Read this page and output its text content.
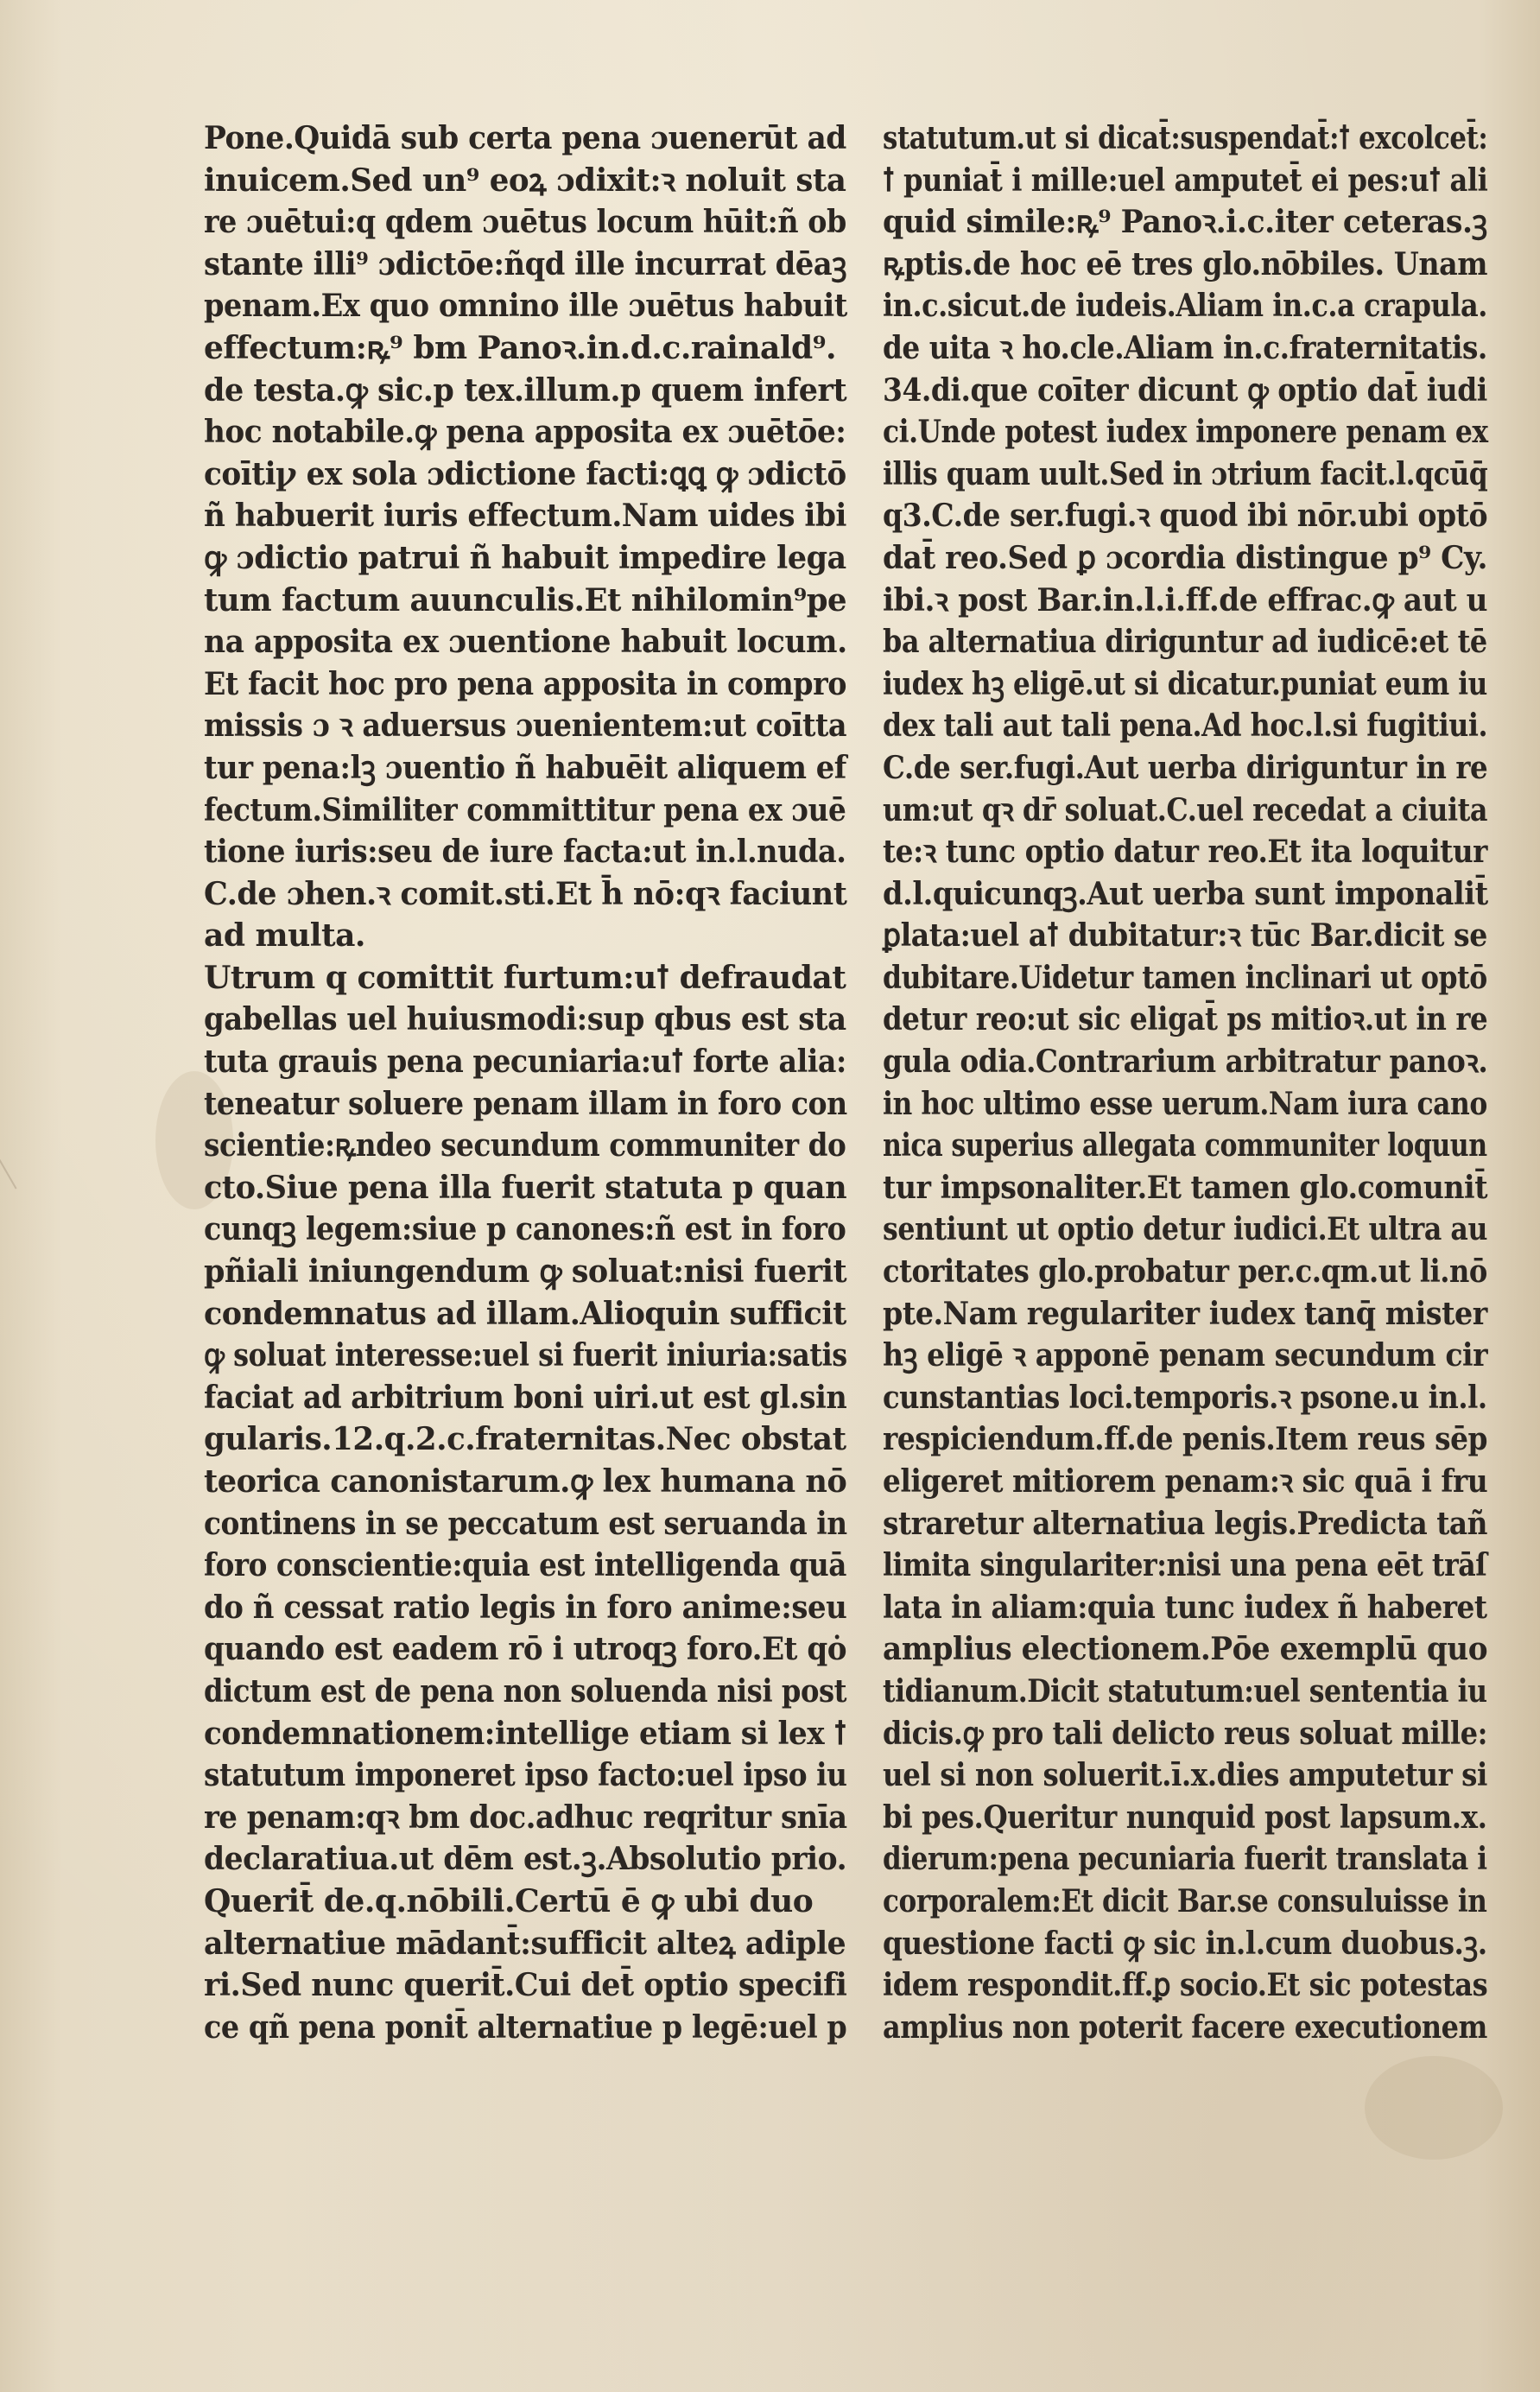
Pone.Quidā sub certa pena ɔuenerūt ad
inuicem.Sed un⁹ eoꝝ ɔdixit:ꝛ noluit sta
re ɔuētui:q qdem ɔuētus locum hūit:ñ ob
stante illi⁹ ɔdictōe:ñqd ille incurrat dēaꝫ
penam.Ex quo omnino ille ɔuētus habuit
effectum:ꝶ⁹ bm Panoꝛ.in.d.c.rainald⁹.
de testa.ꝙ sic.p tex.illum.p quem infert
hoc notabile.ꝙ pena apposita ex ɔuētōe:
coītiꝩ ex sola ɔdictione facti:ꝗꝗ ꝙ ɔdictō
ñ habuerit iuris effectum.Nam uides ibi
ꝙ ɔdictio patrui ñ habuit impedire lega
tum factum auunculis.Et nihilomin⁹pe
na apposita ex ɔuentione habuit locum.
Et facit hoc pro pena apposita in compro
missis ɔ ꝛ aduersus ɔuenientem:ut coītta
tur pena:lꝫ ɔuentio ñ habuēit aliquem ef
fectum.Similiter committitur pena ex ɔuē
tione iuris:seu de iure facta:ut in.l.nuda.
C.de ɔhen.ꝛ comit.sti.Et h̄ nō:qꝛ faciunt
ad multa.
Utrum q comittit furtum:uꝉ defraudat
gabellas uel huiusmodi:sup qbus est sta
tuta grauis pena pecuniaria:uꝉ forte alia:
teneatur soluere penam illam in foro con
scientie:ꝶndeo secundum communiter do
cto.Siue pena illa fuerit statuta p quan
cunqꝫ legem:siue p canones:ñ est in foro
pñiali iniungendum ꝙ soluat:nisi fuerit
condemnatus ad illam.Alioquin sufficit
ꝙ soluat interesse:uel si fuerit iniuria:satis
faciat ad arbitrium boni uiri.ut est gl.sin
gularis.12.q.2.c.fraternitas.Nec obstat
teorica canonistarum.ꝙ lex humana nō
continens in se peccatum est seruanda in
foro conscientie:quia est intelligenda quā
do ñ cessat ratio legis in foro anime:seu
quando est eadem rō i utroqꝫ foro.Et qȯ
dictum est de pena non soluenda nisi post
condemnationem:intellige etiam si lex ꝉ
statutum imponeret ipso facto:uel ipso iu
re penam:qꝛ bm doc.adhuc reqritur snīa
declaratiua.ut dēm est.ꝫ.Absolutio prio.
Querit̄ de.q.nōbili.Certū ē ꝙ ubi duo
alternatiue mādant̄:sufficit alteꝝ adiple
ri.Sed nunc querit̄.Cui det̄ optio specifi
ce qñ pena ponit̄ alternatiue p legē:uel p
statutum.ut si dicat̄:suspendat̄:ꝉ excolcet̄:
ꝉ puniat̄ i mille:uel amputet̄ ei pes:uꝉ ali
quid simile:ꝶ⁹ Panoꝛ.i.c.iter ceteras.ꝫ
ꝶptis.de hoc eē tres glo.nōbiles. Unam
in.c.sicut.de iudeis.Aliam in.c.a crapula.
de uita ꝛ ho.cle.Aliam in.c.fraternitatis.
34.di.que coīter dicunt ꝙ optio dat̄ iudi
ci.Unde potest iudex imponere penam ex
illis quam uult.Sed in ɔtrium facit.l.qcūq̄
q3.C.de ser.fugi.ꝛ quod ibi nōr.ubi optō
dat̄ reo.Sed ꝑ ɔcordia distingue p⁹ Cy.
ibi.ꝛ post Bar.in.l.i.ff.de effrac.ꝙ aut u
ba alternatiua diriguntur ad iudicē:et tē
iudex hꝫ eligē.ut si dicatur.puniat eum iu
dex tali aut tali pena.Ad hoc.l.si fugitiui.
C.de ser.fugi.Aut uerba diriguntur in re
um:ut qꝛ dr̄ soluat.C.uel recedat a ciuita
te:ꝛ tunc optio datur reo.Et ita loquitur
d.l.quicunqꝫ.Aut uerba sunt imponalit̄
ꝑlata:uel aꝉ dubitatur:ꝛ tūc Bar.dicit se
dubitare.Uidetur tamen inclinari ut optō
detur reo:ut sic eligat̄ ps mitioꝛ.ut in re
gula odia.Contrarium arbitratur panoꝛ.
in hoc ultimo esse uerum.Nam iura cano
nica superius allegata communiter loquun
tur impsonaliter.Et tamen glo.comunit̄
sentiunt ut optio detur iudici.Et ultra au
ctoritates glo.probatur per.c.qm.ut li.nō
pte.Nam regulariter iudex tanq̄ mister
hꝫ eligē ꝛ apponē penam secundum cir
cunstantias loci.temporis.ꝛ psone.u in.l.
respiciendum.ff.de penis.Item reus sēp
eligeret mitiorem penam:ꝛ sic quā i fru
straretur alternatiua legis.Predicta tañ
limita singulariter:nisi una pena eēt trāſ
lata in aliam:quia tunc iudex ñ haberet
amplius electionem.Pōe exemplū quo
tidianum.Dicit statutum:uel sententia iu
dicis.ꝙ pro tali delicto reus soluat mille:
uel si non soluerit.ī.x.dies amputetur si
bi pes.Queritur nunquid post lapsum.x.
dierum:pena pecuniaria fuerit translata i
corporalem:Et dicit Bar.se consuluisse in
questione facti ꝙ sic in.l.cum duobus.ꝫ.
idem respondit.ff.ꝑ socio.Et sic potestas
amplius non poterit facere executionem
